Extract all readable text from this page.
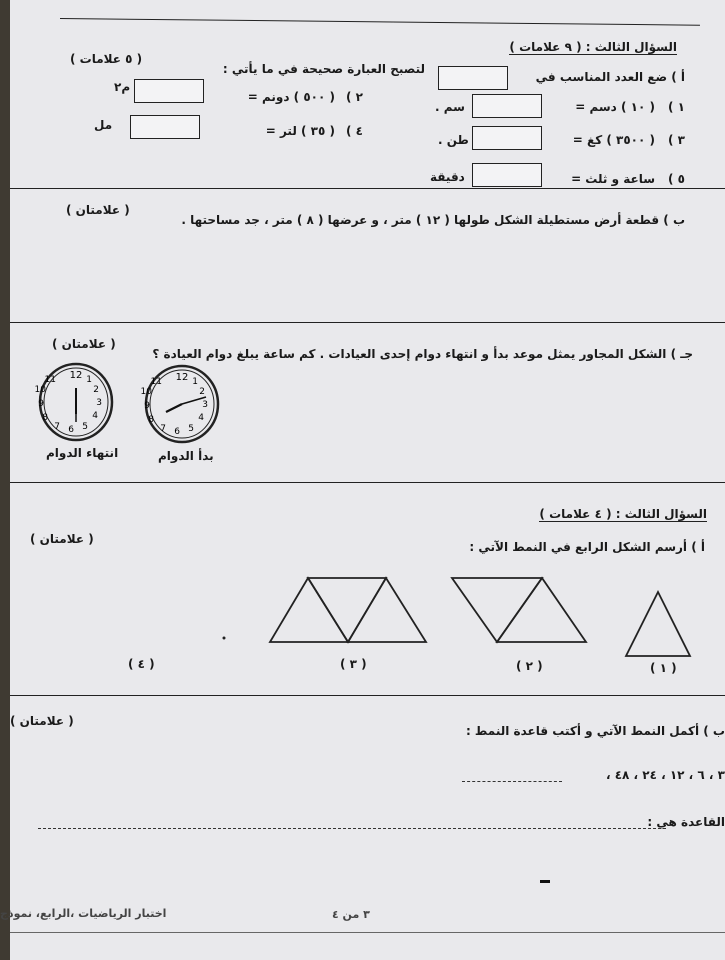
السؤال الثالث : ( ٩ علامات )
( ٥ علامات )
أ ) ضع العدد المناسب في
لتصبح العبارة صحيحة في ما يأتي :
١ )
( ١٠ ) دسم =
سم .
٢ )
( ٥٠٠ ) دونم =
م٢
٣ )
( ٣٥٠٠ ) كغ =
طن .
٤ )
( ٣٥ ) لتر =
مل
٥ )
ساعة و ثلث =
دقيقة
ب ) قطعة أرض مستطيلة الشكل طولها ( ١٢ ) متر ، و عرضها ( ٨ ) متر ، جد مساحتها .
( علامتان )
جـ ) الشكل المجاور يمثل موعد بدأ و انتهاء دوام إحدى العيادات . كم ساعة يبلغ دوام العيادة ؟
( علامتان )
12 1
2
3
4
5
6
7
8
9
10
11	12 1
2
3
4
5
6
7
8
9
10
11
انتهاء الدوام	بدأ الدوام
السؤال الثالث : ( ٤ علامات )
أ ) أرسم الشكل الرابع في النمط الآتي :
( علامتان )
( ٤ )	( ٣ )	( ٢ )	( ١ )
ب ) أكمل النمط الآتي و أكتب قاعدة النمط :
( علامتان )
٣ ، ٦ ، ١٢ ، ٢٤ ، ٤٨ ،
القاعدة هي :
اختبار الرياضيات ،الرابع، نموذج	٣ من ٤
